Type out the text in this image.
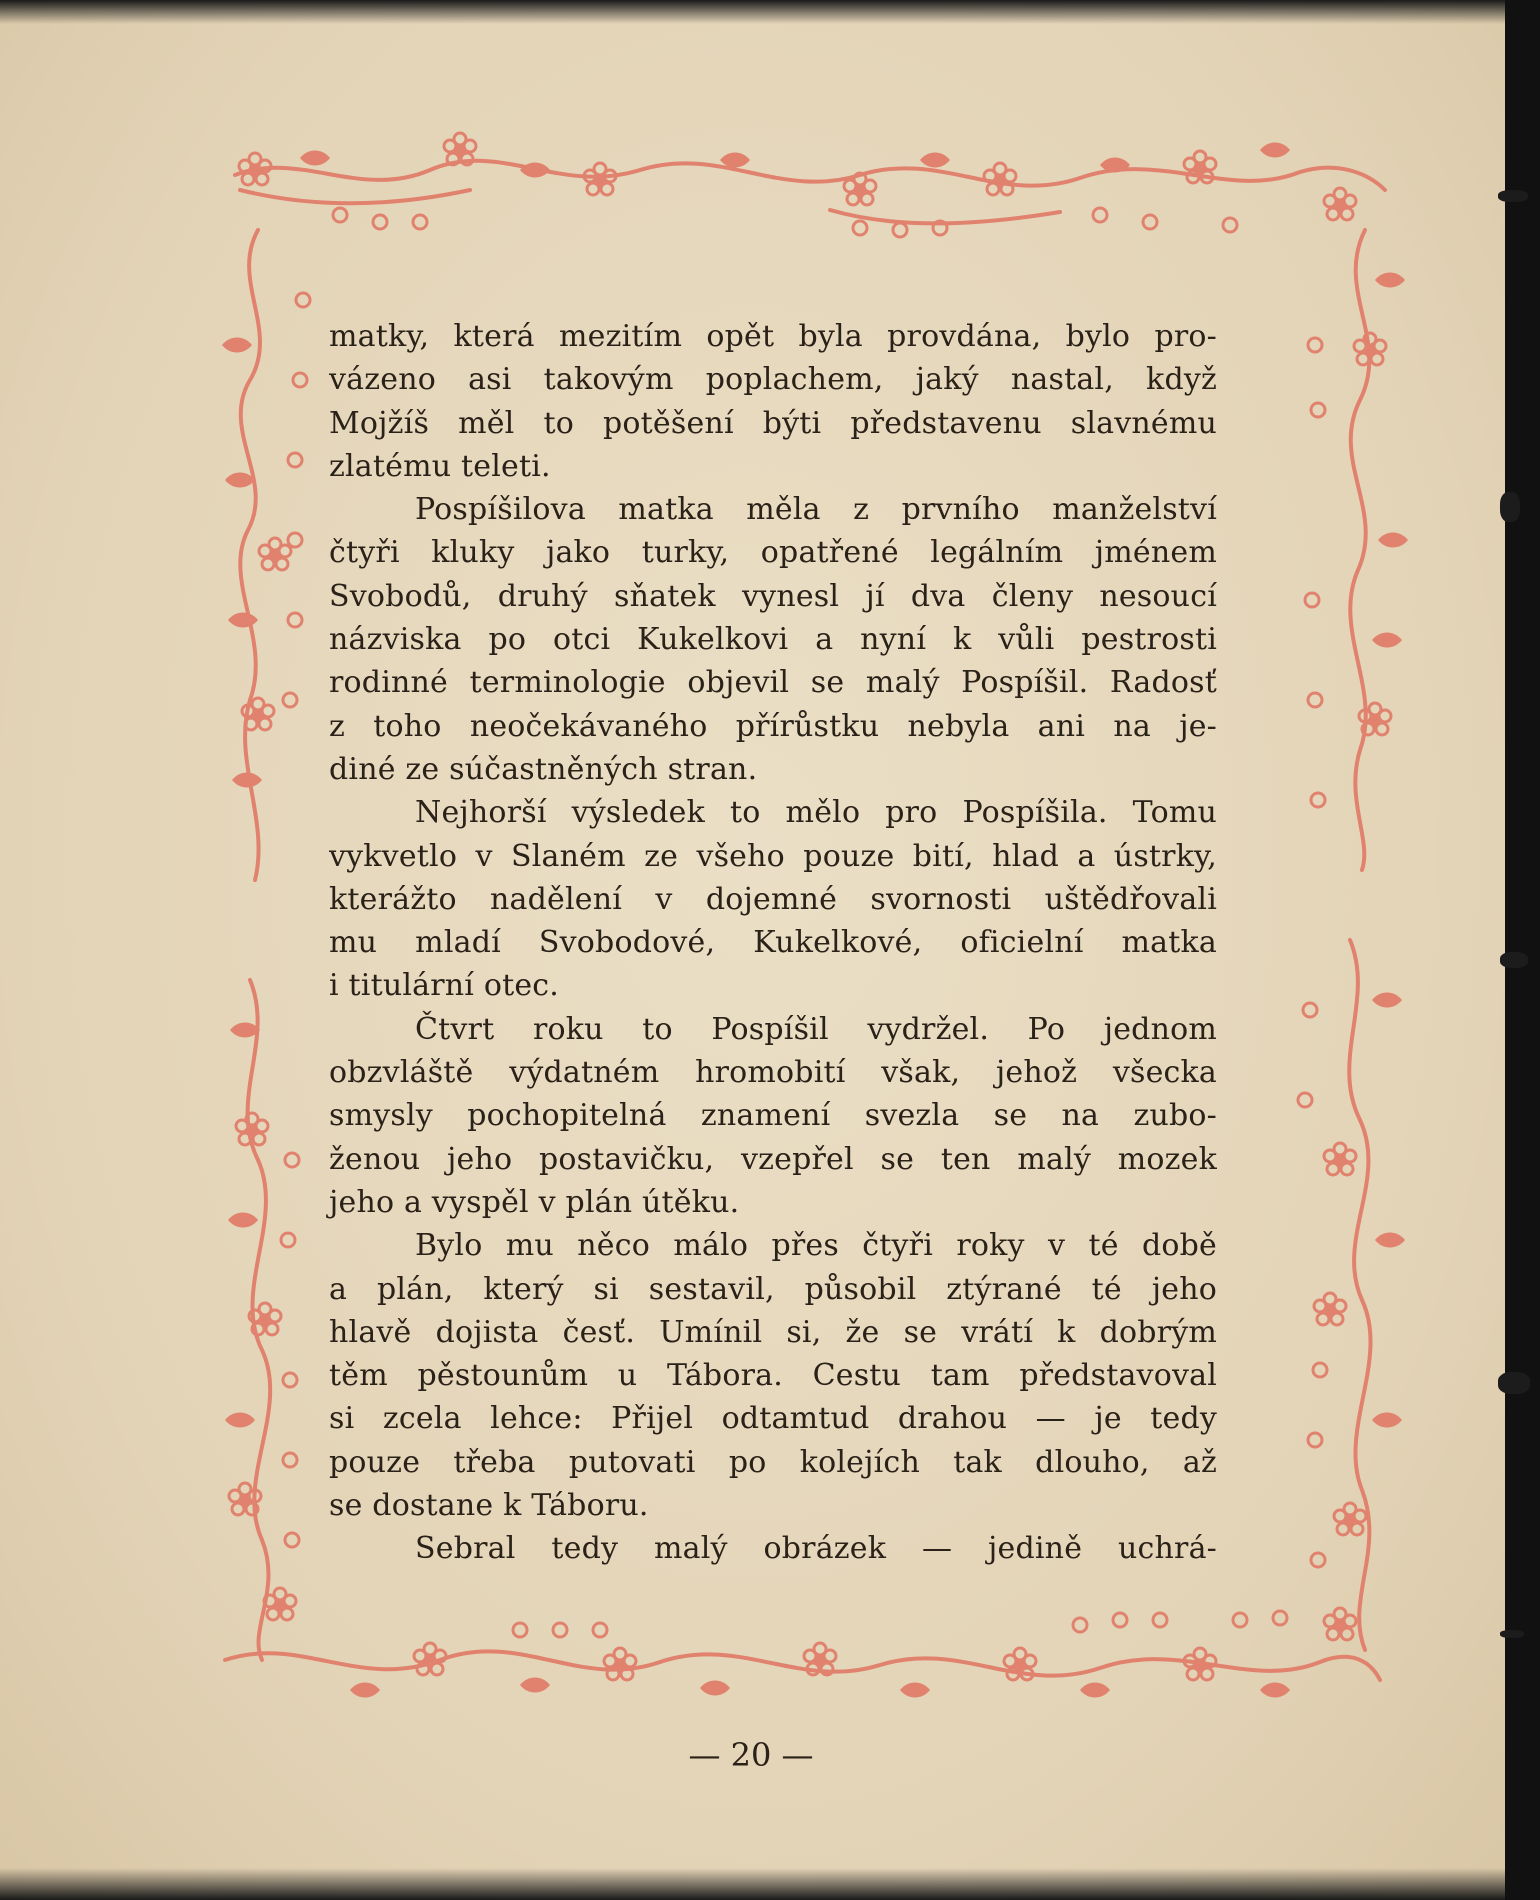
matky, která mezitím opět byla provdána, bylo pro-
vázeno asi takovým poplachem, jaký nastal, když
Mojžíš měl to potěšení býti představenu slavnému
zlatému teleti.
Pospíšilova matka měla z prvního manželství
čtyři kluky jako turky, opatřené legálním jménem
Svobodů, druhý sňatek vynesl jí dva členy nesoucí
názviska po otci Kukelkovi a nyní k vůli pestrosti
rodinné terminologie objevil se malý Pospíšil. Radosť
z toho neočekávaného přírůstku nebyla ani na je-
diné ze súčastněných stran.
Nejhorší výsledek to mělo pro Pospíšila. Tomu
vykvetlo v Slaném ze všeho pouze bití, hlad a ústrky,
kterážto nadělení v dojemné svornosti uštědřovali
mu mladí Svobodové, Kukelkové, oficielní matka
i titulární otec.
Čtvrt roku to Pospíšil vydržel. Po jednom
obzvláště výdatném hromobití však, jehož všecka
smysly pochopitelná znamení svezla se na zubo-
ženou jeho postavičku, vzepřel se ten malý mozek
jeho a vyspěl v plán útěku.
Bylo mu něco málo přes čtyři roky v té době
a plán, který si sestavil, působil ztýrané té jeho
hlavě dojista česť. Umínil si, že se vrátí k dobrým
těm pěstounům u Tábora. Cestu tam představoval
si zcela lehce: Přijel odtamtud drahou — je tedy
pouze třeba putovati po kolejích tak dlouho, až
se dostane k Táboru.
Sebral tedy malý obrázek — jedině uchrá-
— 20 —
